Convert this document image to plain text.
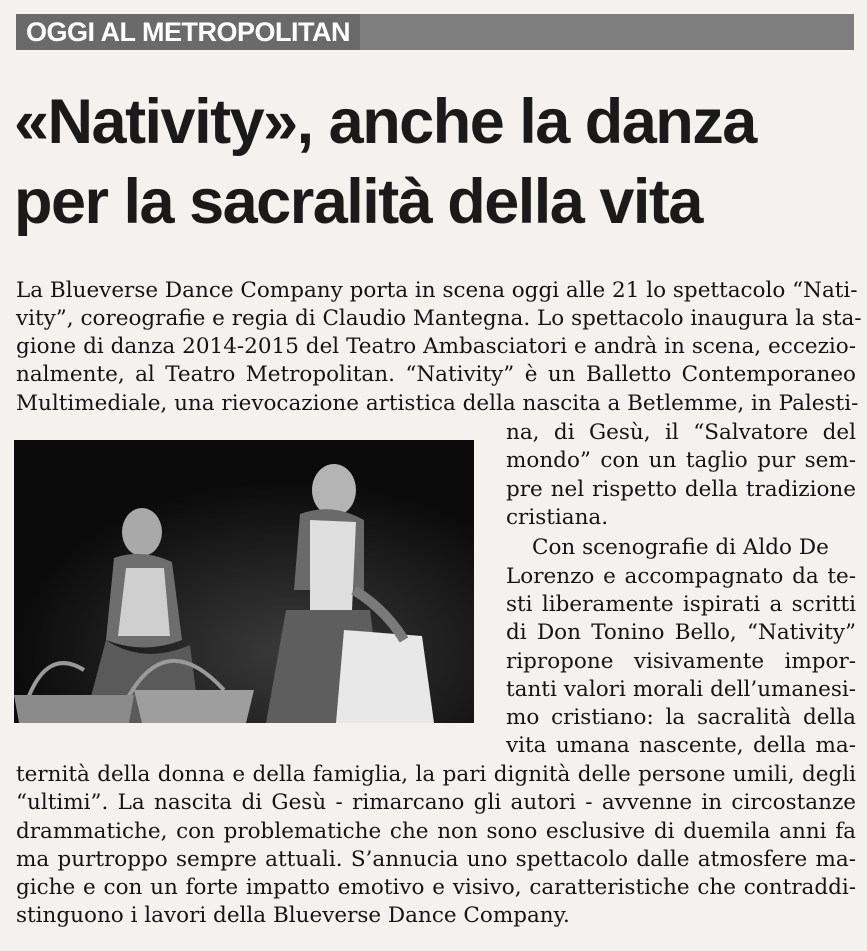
OGGI AL METROPOLITAN
«Nativity», anche la danza per la sacralità della vita
La Blueverse Dance Company porta in scena oggi alle 21 lo spettacolo “Nati-
vity”, coreografie e regia di Claudio Mantegna. Lo spettacolo inaugura la sta-
gione di danza 2014-2015 del Teatro Ambasciatori e andrà in scena, eccezio-
nalmente, al Teatro Metropolitan. “Nativity” è un Balletto Contemporaneo
Multimediale, una rievocazione artistica della nascita a Betlemme, in Palesti-
na, di Gesù, il “Salvatore del
mondo” con un taglio pur sem-
pre nel rispetto della tradizione
cristiana.
Con scenografie di Aldo De
Lorenzo e accompagnato da te-
sti liberamente ispirati a scritti
di Don Tonino Bello, “Nativity”
ripropone visivamente impor-
tanti valori morali dell’umanesi-
mo cristiano: la sacralità della
vita umana nascente, della ma-
ternità della donna e della famiglia, la pari dignità delle persone umili, degli
“ultimi”. La nascita di Gesù - rimarcano gli autori - avvenne in circostanze
drammatiche, con problematiche che non sono esclusive di duemila anni fa
ma purtroppo sempre attuali. S’annucia uno spettacolo dalle atmosfere ma-
giche e con un forte impatto emotivo e visivo, caratteristiche che contraddi-
stinguono i lavori della Blueverse Dance Company.
